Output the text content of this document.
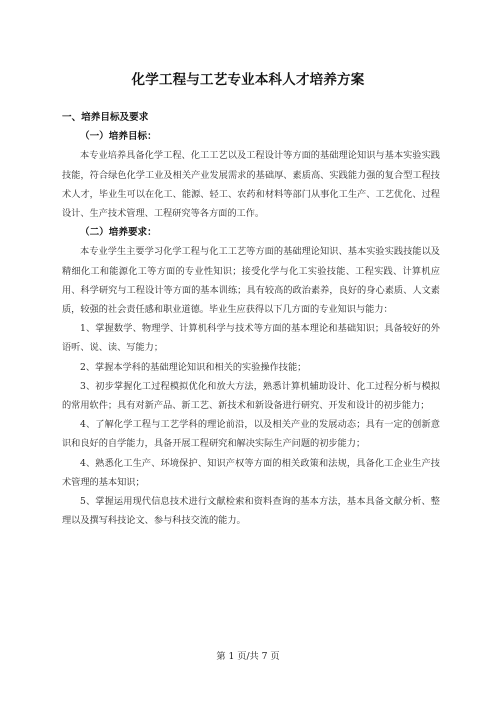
化学工程与工艺专业本科人才培养方案

一、培养目标及要求

（一）培养目标：

本专业培养具备化学工程、化工工艺以及工程设计等方面的基础理论知识与基本实验实践技能，符合绿色化学工业及相关产业发展需求的基础厚、素质高、实践能力强的复合型工程技术人才，毕业生可以在化工、能源、轻工、农药和材料等部门从事化工生产、工艺优化、过程设计、生产技术管理、工程研究等各方面的工作。

（二）培养要求：

本专业学生主要学习化学工程与化工工艺等方面的基础理论知识、基本实验实践技能以及精细化工和能源化工等方面的专业性知识；接受化学与化工实验技能、工程实践、计算机应用、科学研究与工程设计等方面的基本训练；具有较高的政治素养，良好的身心素质、人文素质，较强的社会责任感和职业道德。毕业生应获得以下几方面的专业知识与能力：

1、掌握数学、物理学、计算机科学与技术等方面的基本理论和基础知识；具备较好的外语听、说、读、写能力；

2、掌握本学科的基础理论知识和相关的实验操作技能；

3、初步掌握化工过程模拟优化和放大方法，熟悉计算机辅助设计、化工过程分析与模拟的常用软件；具有对新产品、新工艺、新技术和新设备进行研究、开发和设计的初步能力；

4、了解化学工程与工艺学科的理论前沿，以及相关产业的发展动态；具有一定的创新意识和良好的自学能力，具备开展工程研究和解决实际生产问题的初步能力；

4、熟悉化工生产、环境保护、知识产权等方面的相关政策和法规，具备化工企业生产技术管理的基本知识；

5、掌握运用现代信息技术进行文献检索和资料查询的基本方法，基本具备文献分析、整理以及撰写科技论文、参与科技交流的能力。

第 1 页/共 7 页
